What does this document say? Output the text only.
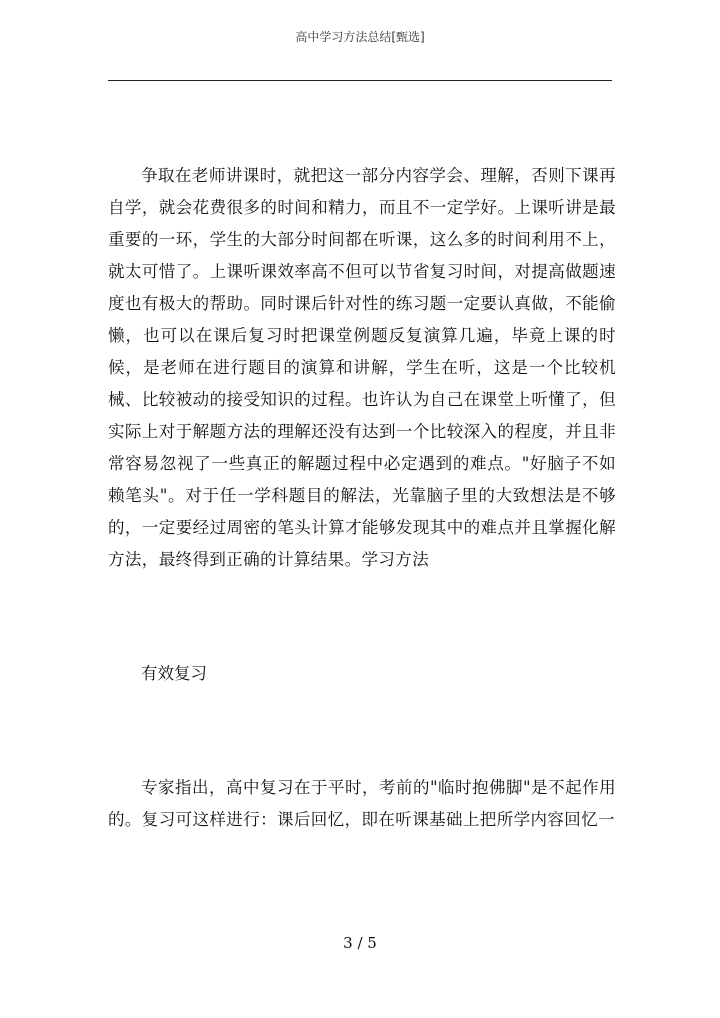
高中学习方法总结[甄选]

争取在老师讲课时，就把这一部分内容学会、理解，否则下课再自学，就会花费很多的时间和精力，而且不一定学好。上课听讲是最重要的一环，学生的大部分时间都在听课，这么多的时间利用不上，就太可惜了。上课听课效率高不但可以节省复习时间，对提高做题速度也有极大的帮助。同时课后针对性的练习题一定要认真做，不能偷懒，也可以在课后复习时把课堂例题反复演算几遍，毕竟上课的时候，是老师在进行题目的演算和讲解，学生在听，这是一个比较机械、比较被动的接受知识的过程。也许认为自己在课堂上听懂了，但实际上对于解题方法的理解还没有达到一个比较深入的程度，并且非常容易忽视了一些真正的解题过程中必定遇到的难点。"好脑子不如赖笔头"。对于任一学科题目的解法，光靠脑子里的大致想法是不够的，一定要经过周密的笔头计算才能够发现其中的难点并且掌握化解方法，最终得到正确的计算结果。学习方法

有效复习

专家指出，高中复习在于平时，考前的"临时抱佛脚"是不起作用的。复习可这样进行：课后回忆，即在听课基础上把所学内容回忆一

3 / 5
